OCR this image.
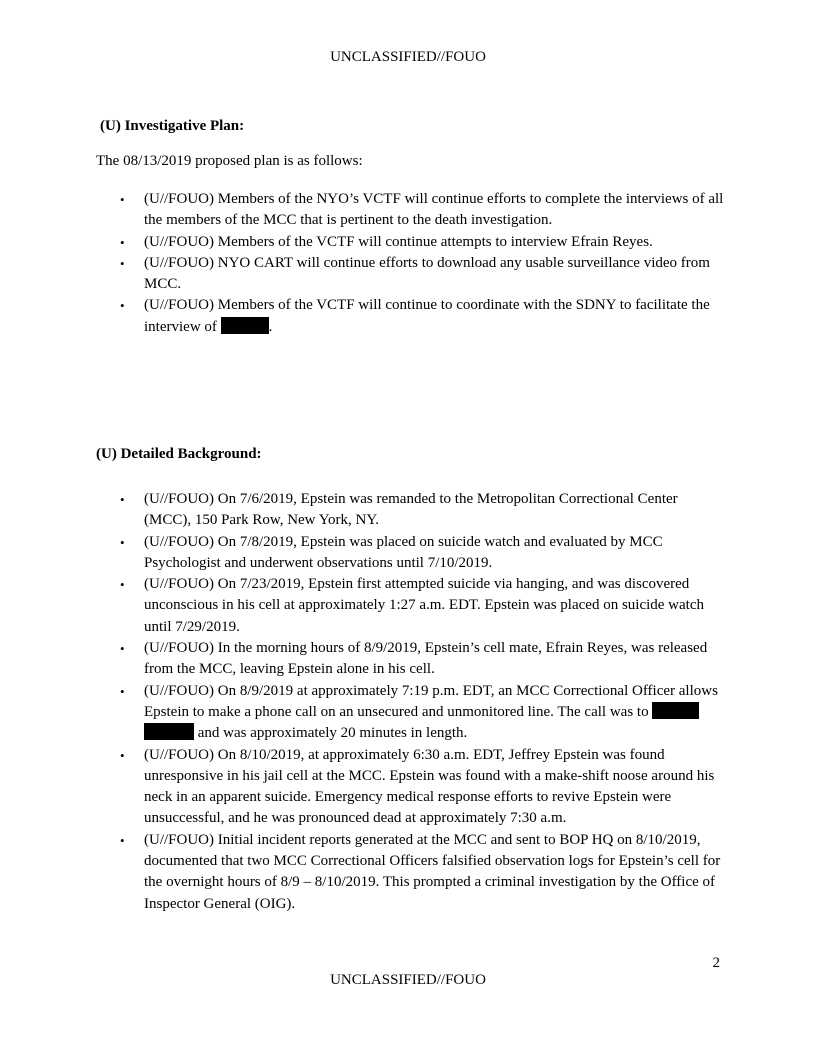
UNCLASSIFIED//FOUO
(U) Investigative Plan:
The 08/13/2019 proposed plan is as follows:
• (U//FOUO) Members of the NYO’s VCTF will continue efforts to complete the interviews of all the members of the MCC that is pertinent to the death investigation.
• (U//FOUO) Members of the VCTF will continue attempts to interview Efrain Reyes.
• (U//FOUO) NYO CART will continue efforts to download any usable surveillance video from MCC.
• (U//FOUO) Members of the VCTF will continue to coordinate with the SDNY to facilitate the interview of	.
(U) Detailed Background:
• (U//FOUO) On 7/6/2019, Epstein was remanded to the Metropolitan Correctional Center (MCC), 150 Park Row, New York, NY.
• (U//FOUO) On 7/8/2019, Epstein was placed on suicide watch and evaluated by MCC Psychologist and underwent observations until 7/10/2019.
• (U//FOUO) On 7/23/2019, Epstein first attempted suicide via hanging, and was discovered unconscious in his cell at approximately 1:27 a.m. EDT. Epstein was placed on suicide watch until 7/29/2019.
• (U//FOUO) In the morning hours of 8/9/2019, Epstein’s cell mate, Efrain Reyes, was released from the MCC, leaving Epstein alone in his cell.
• (U//FOUO) On 8/9/2019 at approximately 7:19 p.m. EDT, an MCC Correctional Officer allows Epstein to make a phone call on an unsecured and unmonitored line. The call was to   and was approximately 20 minutes in length.
• (U//FOUO) On 8/10/2019, at approximately 6:30 a.m. EDT, Jeffrey Epstein was found unresponsive in his jail cell at the MCC. Epstein was found with a make-shift noose around his neck in an apparent suicide. Emergency medical response efforts to revive Epstein were unsuccessful, and he was pronounced dead at approximately 7:30 a.m.
• (U//FOUO) Initial incident reports generated at the MCC and sent to BOP HQ on 8/10/2019, documented that two MCC Correctional Officers falsified observation logs for Epstein’s cell for the overnight hours of 8/9 – 8/10/2019. This prompted a criminal investigation by the Office of Inspector General (OIG).
2
UNCLASSIFIED//FOUO
